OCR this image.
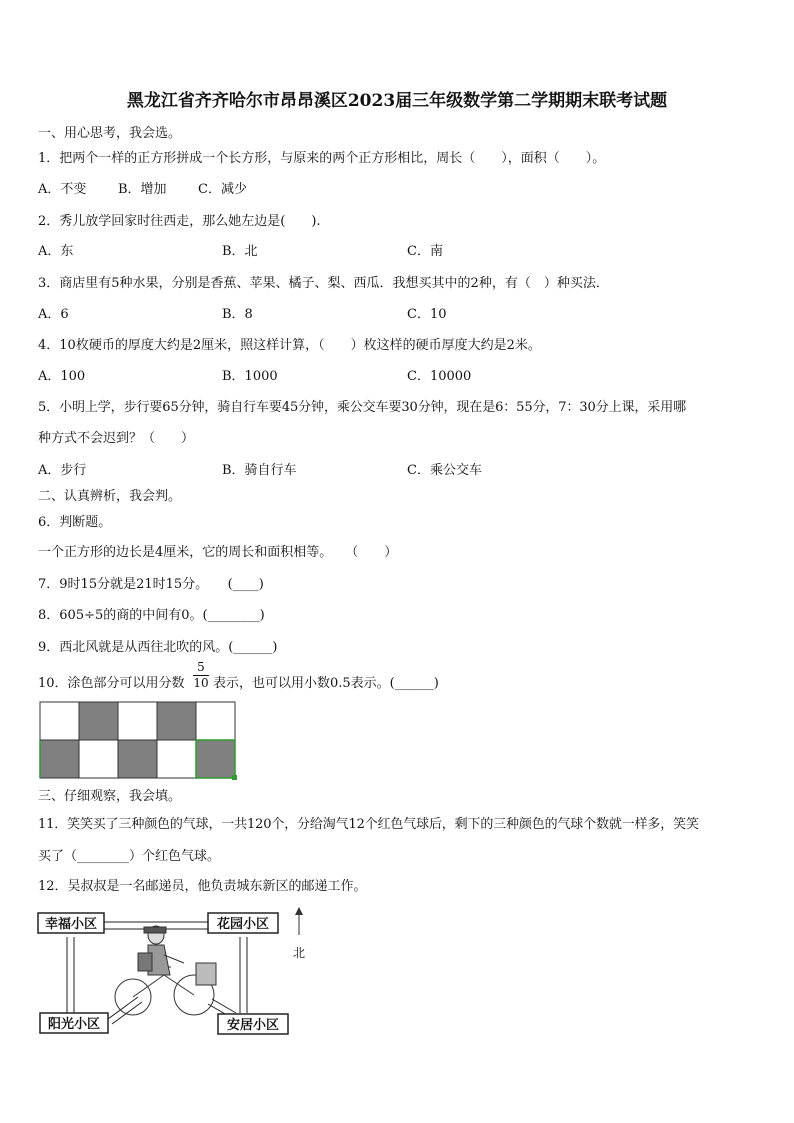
黑龙江省齐齐哈尔市昂昂溪区2023届三年级数学第二学期期末联考试题
一、用心思考，我会选。
1．把两个一样的正方形拼成一个长方形，与原来的两个正方形相比，周长（　　），面积（　　）。
A．不变 B．增加 C．减少
2．秀儿放学回家时往西走，那么她左边是(　　).
A．东	B．北	C．南
3．商店里有5种水果，分别是香蕉、苹果、橘子、梨、西瓜．我想买其中的2种，有（　）种买法．
A．6	B．8	C．10
4．10枚硬币的厚度大约是2厘米，照这样计算，（　　）枚这样的硬币厚度大约是2米。
A．100	B．1000	C．10000
5．小明上学，步行要65分钟，骑自行车要45分钟，乘公交车要30分钟，现在是6：55分，7：30分上课，采用哪
种方式不会迟到？（　　）
A．步行	B．骑自行车	C．乘公交车
二、认真辨析，我会判。
6．判断题。
一个正方形的边长是4厘米，它的周长和面积相等。　　（　　）
7．9时15分就是21时15分。　　(____)
8．605÷5的商的中间有0。(________)
9．西北风就是从西往北吹的风。(______)
10．涂色部分可以用分数 $\frac{5}{10}$ 表示，也可以用小数0.5表示。(______)
三、仔细观察，我会填。
11．笑笑买了三种颜色的气球，一共120个，分给淘气12个红色气球后，剩下的三种颜色的气球个数就一样多，笑笑
买了（________）个红色气球。
12．吴叔叔是一名邮递员，他负责城东新区的邮递工作。
幸福小区	花园小区
阳光小区	安居小区
北
